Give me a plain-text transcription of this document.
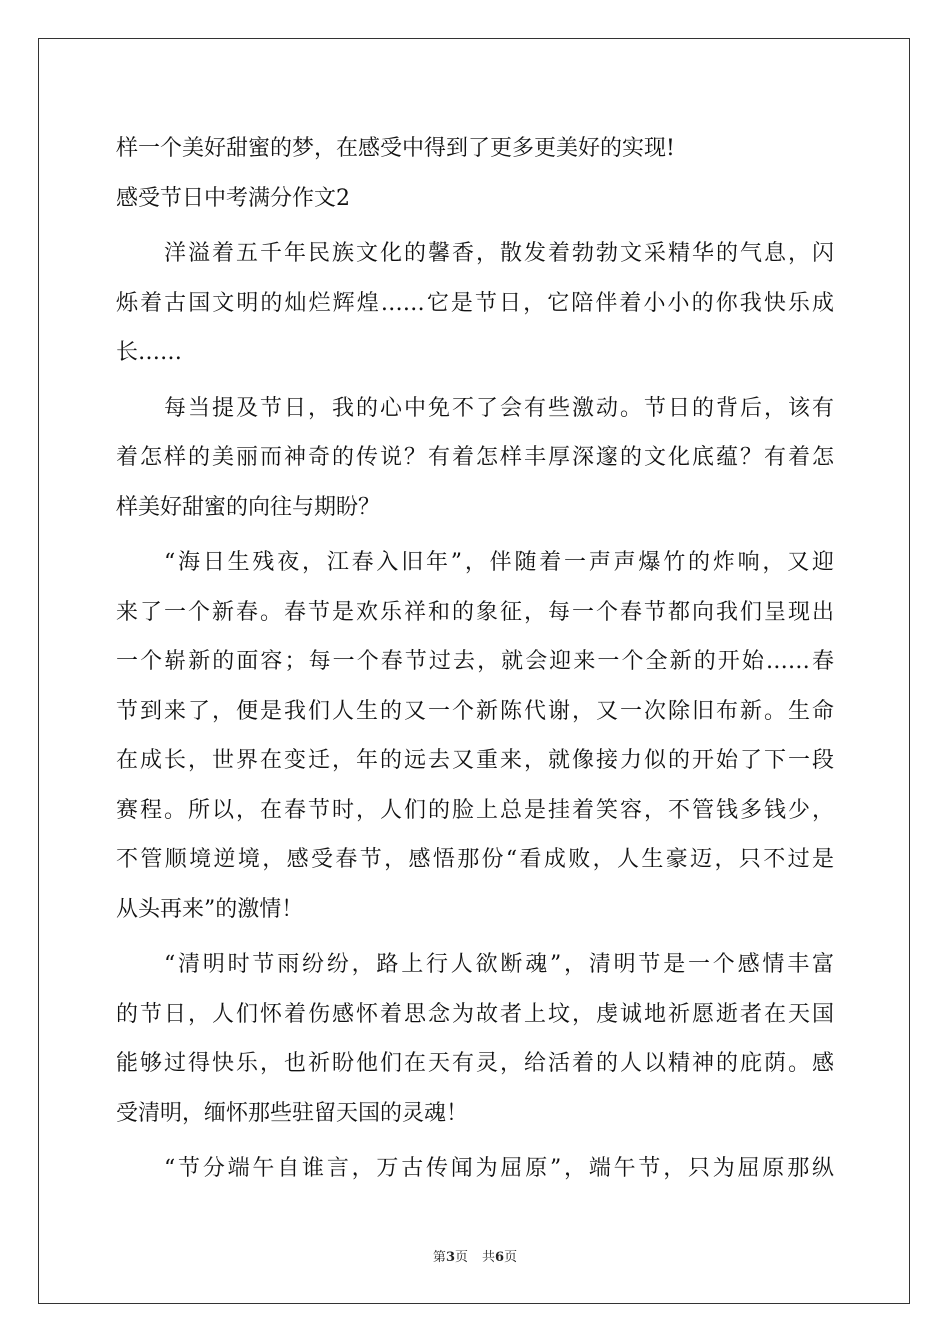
样一个美好甜蜜的梦，在感受中得到了更多更美好的实现!
感受节日中考满分作文2
洋溢着五千年民族文化的馨香，散发着勃勃文采精华的气息，闪
烁着古国文明的灿烂辉煌……它是节日，它陪伴着小小的你我快乐成
长……
每当提及节日，我的心中免不了会有些激动。节日的背后，该有
着怎样的美丽而神奇的传说？有着怎样丰厚深邃的文化底蕴？有着怎
样美好甜蜜的向往与期盼？
“海日生残夜，江春入旧年”，伴随着一声声爆竹的炸响，又迎
来了一个新春。春节是欢乐祥和的象征，每一个春节都向我们呈现出
一个崭新的面容；每一个春节过去，就会迎来一个全新的开始……春
节到来了，便是我们人生的又一个新陈代谢，又一次除旧布新。生命
在成长，世界在变迁，年的远去又重来，就像接力似的开始了下一段
赛程。所以，在春节时，人们的脸上总是挂着笑容，不管钱多钱少，
不管顺境逆境，感受春节，感悟那份“看成败，人生豪迈，只不过是
从头再来”的激情！
“清明时节雨纷纷，路上行人欲断魂”，清明节是一个感情丰富
的节日，人们怀着伤感怀着思念为故者上坟，虔诚地祈愿逝者在天国
能够过得快乐，也祈盼他们在天有灵，给活着的人以精神的庇荫。感
受清明，缅怀那些驻留天国的灵魂！
“节分端午自谁言，万古传闻为屈原”，端午节，只为屈原那纵
第3页 共6页
